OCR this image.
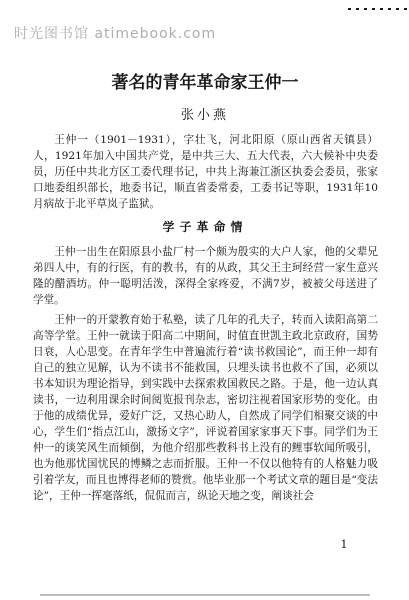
时光图书馆 atimebook.com
著名的青年革命家王仲一
张小燕

王仲一（1901－1931），字壮飞，河北阳原（原山西省天镇县）人，1921年加入中国共产党，是中共三大、五大代表，六大候补中央委员，历任中共北方区工委代理书记，中共上海兼江浙区执委会委员，张家口地委组织部长，地委书记，顺直省委常委，工委书记等职，1931年10月病故于北平草岚子监狱。

学子革命情

王仲一出生在阳原县小盐厂村一个颇为殷实的大户人家，他的父辈兄弟四人中，有的行医，有的教书，有的从政，其父王主珂经营一家生意兴隆的醋酒坊。仲一聪明活泼，深得全家疼爱，不满7岁，被被父母送进了学堂。

王仲一的开蒙教育始于私塾，读了几年的孔夫子，转而入读阳高第二高等学堂。王仲一就读于阳高二中期间，时值直世凯主政北京政府，国势日衰，人心思变。在青年学生中普遍流行着“读书救国论”，而王仲一却有自己的独立见解，认为不读书不能救国，只埋头读书也救不了国，必须以书本知识为理论指导，到实践中去探索救国救民之路。于是，他一边认真读书，一边利用课余时间阅览报刊杂志，密切注视着国家形势的变化。由于他的成绩优异，爱好广泛，又热心助人，自然成了同学们相聚交谈的中心，学生们“指点江山，激扬文字”，评说着国家家事天下事。同学们为王仲一的谈笑风生而倾倒，为他介绍那些教科书上没有的鲤事软闻所吸引，也为他那忧国忧民的博鳞之志而折服。王仲一不仅以他特有的人格魅力吸引着学友，而且也博得老师的赞赏。他毕业那一个考试文章的题目是“变法论”，王仲一挥毫落纸，侃侃而言，纵论天地之变，阐谈社会

1
